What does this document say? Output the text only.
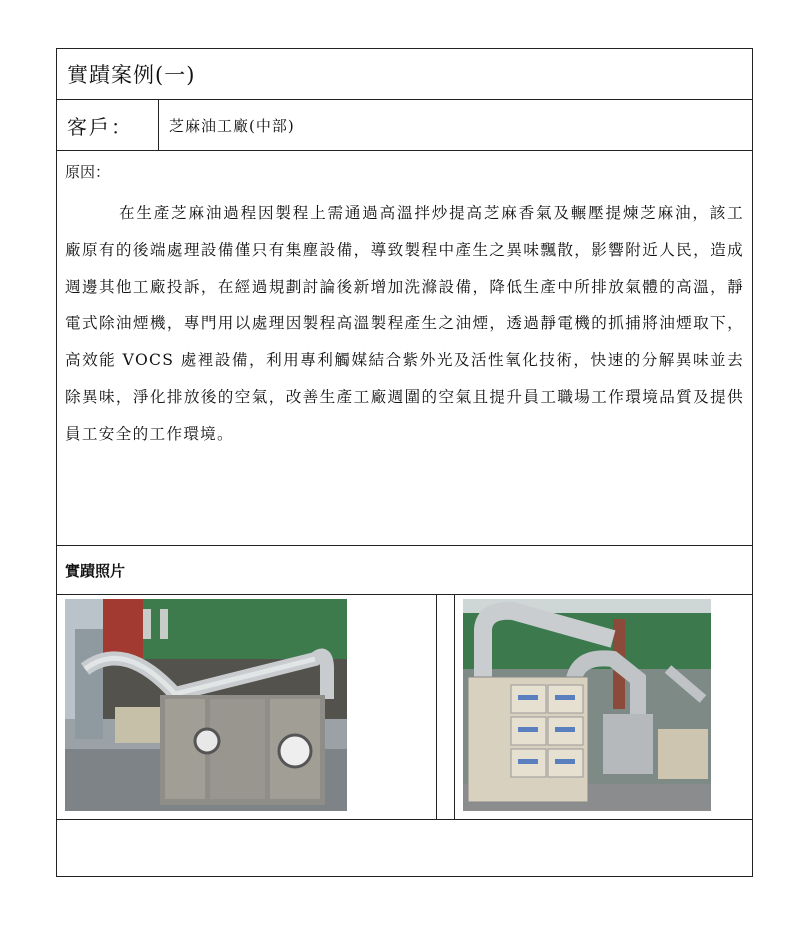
實蹟案例(一)			
客戶：	芝麻油工廠(中部)		

原因：
在生產芝麻油過程因製程上需通過高溫拌炒提高芝麻香氣及輾壓提煉芝麻油，該工廠原有的後端處理設備僅只有集塵設備，導致製程中產生之異味飄散，影響附近人民，造成週邊其他工廠投訴，在經過規劃討論後新增加洗滌設備，降低生產中所排放氣體的高溫，靜電式除油煙機，專門用以處理因製程高溫製程產生之油煙，透過靜電機的抓捕將油煙取下，高效能 VOCS 處裡設備，利用專利觸媒結合紫外光及活性氧化技術，快速的分解異味並去除異味，淨化排放後的空氣，改善生產工廠週圍的空氣且提升員工職場工作環境品質及提供員工安全的工作環境。			

實蹟照片			
